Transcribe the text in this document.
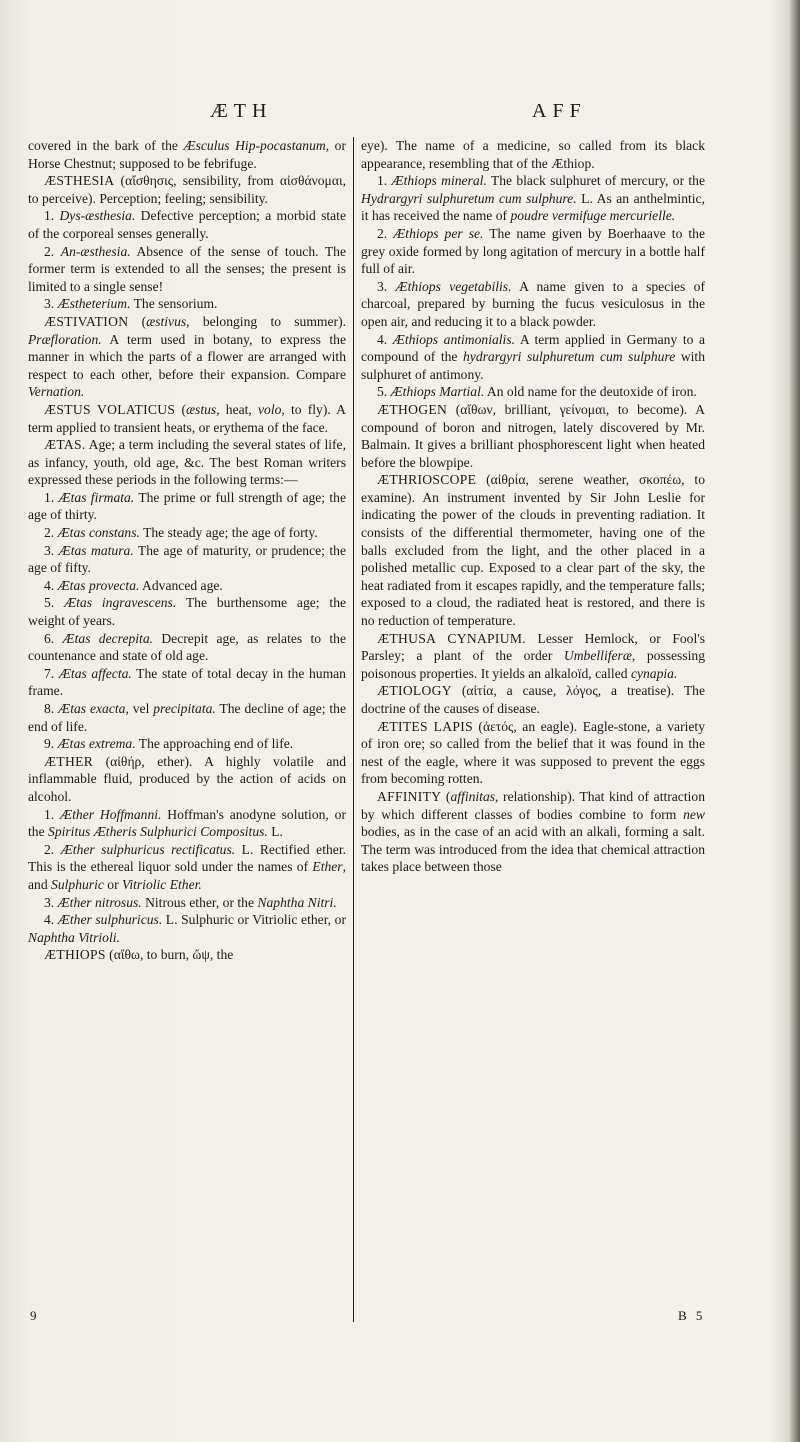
ÆTH	AFF

covered in the bark of the Æsculus Hip-pocastanum, or Horse Chestnut; supposed to be febrifuge.

ÆSTHESIA (αἴσθησις, sensibility, from αἰσθάνομαι, to perceive). Perception; feeling; sensibility.

1. Dys-æsthesia. Defective perception; a morbid state of the corporeal senses generally.

2. An-æsthesia. Absence of the sense of touch. The former term is extended to all the senses; the present is limited to a single sense!

3. Æstheterium. The sensorium.

ÆSTIVATION (æstivus, belonging to summer). Præfloration. A term used in botany, to express the manner in which the parts of a flower are arranged with respect to each other, before their expansion. Compare Vernation.

ÆSTUS VOLATICUS (æstus, heat, volo, to fly). A term applied to transient heats, or erythema of the face.

ÆTAS. Age; a term including the several states of life, as infancy, youth, old age, &c. The best Roman writers expressed these periods in the following terms:—

1. Ætas firmata. The prime or full strength of age; the age of thirty.

2. Ætas constans. The steady age; the age of forty.

3. Ætas matura. The age of maturity, or prudence; the age of fifty.

4. Ætas provecta. Advanced age.

5. Ætas ingravescens. The burthensome age; the weight of years.

6. Ætas decrepita. Decrepit age, as relates to the countenance and state of old age.

7. Ætas affecta. The state of total decay in the human frame.

8. Ætas exacta, vel precipitata. The decline of age; the end of life.

9. Ætas extrema. The approaching end of life.

ÆTHER (αἰθήρ, ether). A highly volatile and inflammable fluid, produced by the action of acids on alcohol.

1. Æther Hoffmanni. Hoffman's anodyne solution, or the Spiritus Ætheris Sulphurici Compositus. L.

2. Æther sulphuricus rectificatus. L. Rectified ether. This is the ethereal liquor sold under the names of Ether, and Sulphuric or Vitriolic Ether.

3. Æther nitrosus. Nitrous ether, or the Naphtha Nitri.

4. Æther sulphuricus. L. Sulphuric or Vitriolic ether, or Naphtha Vitrioli.

ÆTHIOPS (αἴθω, to burn, ὤψ, the

eye). The name of a medicine, so called from its black appearance, resembling that of the Æthiop.

1. Æthiops mineral. The black sulphuret of mercury, or the Hydrargyri sulphuretum cum sulphure. L. As an anthelmintic, it has received the name of poudre vermifuge mercurielle.

2. Æthiops per se. The name given by Boerhaave to the grey oxide formed by long agitation of mercury in a bottle half full of air.

3. Æthiops vegetabilis. A name given to a species of charcoal, prepared by burning the fucus vesiculosus in the open air, and reducing it to a black powder.

4. Æthiops antimonialis. A term applied in Germany to a compound of the hydrargyri sulphuretum cum sulphure with sulphuret of antimony.

5. Æthiops Martial. An old name for the deutoxide of iron.

ÆTHOGEN (αἴθων, brilliant, γείνομαι, to become). A compound of boron and nitrogen, lately discovered by Mr. Balmain. It gives a brilliant phosphorescent light when heated before the blowpipe.

ÆTHRIOSCOPE (αἰθρία, serene weather, σκοπέω, to examine). An instrument invented by Sir John Leslie for indicating the power of the clouds in preventing radiation. It consists of the differential thermometer, having one of the balls excluded from the light, and the other placed in a polished metallic cup. Exposed to a clear part of the sky, the heat radiated from it escapes rapidly, and the temperature falls; exposed to a cloud, the radiated heat is restored, and there is no reduction of temperature.

ÆTHUSA CYNAPIUM. Lesser Hemlock, or Fool's Parsley; a plant of the order Umbelliferæ, possessing poisonous properties. It yields an alkaloïd, called cynapia.

ÆTIOLOGY (αἰτία, a cause, λόγος, a treatise). The doctrine of the causes of disease.

ÆTITES LAPIS (ἀετός, an eagle). Eagle-stone, a variety of iron ore; so called from the belief that it was found in the nest of the eagle, where it was supposed to prevent the eggs from becoming rotten.

AFFINITY (affinitas, relationship). That kind of attraction by which different classes of bodies combine to form new bodies, as in the case of an acid with an alkali, forming a salt. The term was introduced from the idea that chemical attraction takes place between those

9	B 5
